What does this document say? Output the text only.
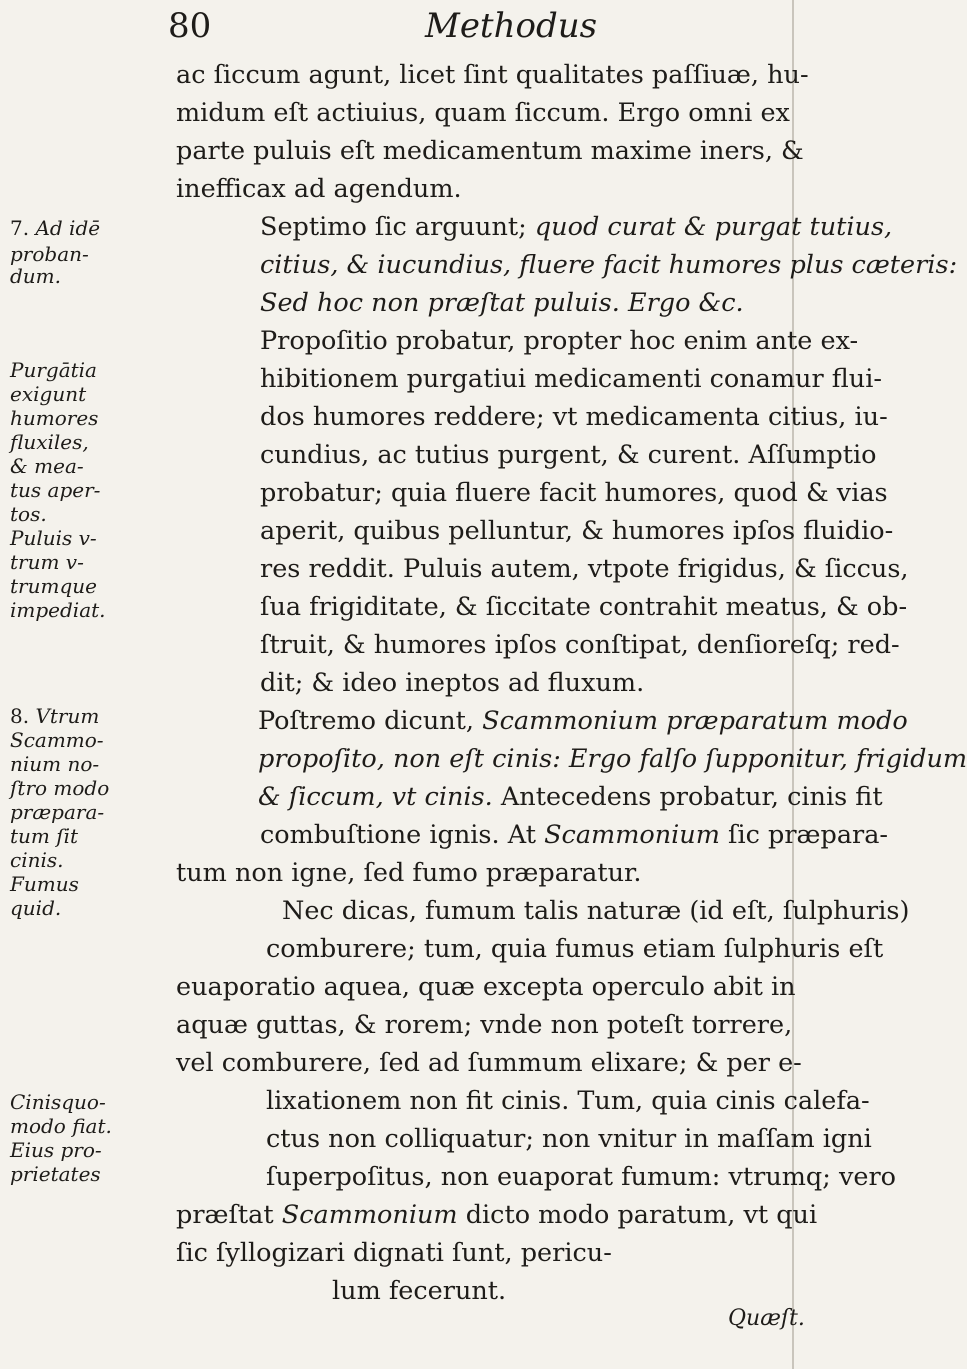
80	Methodus
ac ſiccum agunt, licet ſint qualitates paſſiuæ, hu-
midum eſt actiuius, quam ſiccum. Ergo omni ex
parte puluis eſt medicamentum maxime iners, &
inefficax ad agendum.
Septimo ſic arguunt; quod curat & purgat tutius,
citius, & iucundius, fluere facit humores plus cæteris:
Sed hoc non præſtat puluis. Ergo &c.
Propoſitio probatur, propter hoc enim ante ex-
hibitionem purgatiui medicamenti conamur flui-
dos humores reddere; vt medicamenta citius, iu-
cundius, ac tutius purgent, & curent. Aſſumptio
probatur; quia fluere facit humores, quod & vias
aperit, quibus pelluntur, & humores ipſos fluidio-
res reddit. Puluis autem, vtpote frigidus, & ſiccus,
ſua frigiditate, & ſiccitate contrahit meatus, & ob-
ſtruit, & humores ipſos conſtipat, denſioreſq; red-
dit; & ideo ineptos ad fluxum.
Poſtremo dicunt, Scammonium præparatum modo
propoſito, non eſt cinis: Ergo falſo ſupponitur, frigidum
& ſiccum, vt cinis. Antecedens probatur, cinis fit
combuſtione ignis. At Scammonium ſic præpara-
tum non igne, ſed fumo præparatur.
Nec dicas, fumum talis naturæ (id eſt, ſulphuris)
comburere; tum, quia fumus etiam ſulphuris eſt
euaporatio aquea, quæ excepta operculo abit in
aquæ guttas, & rorem; vnde non poteſt torrere,
vel comburere, ſed ad ſummum elixare; & per e-
lixationem non fit cinis. Tum, quia cinis calefa-
ctus non colliquatur; non vnitur in maſſam igni
ſuperpoſitus, non euaporat fumum: vtrumq; vero
præſtat Scammonium dicto modo paratum, vt qui
ſic ſyllogizari dignati ſunt, pericu-
lum fecerunt.
7. Ad idē
proban-
dum.
Purgātia
exigunt
humores
fluxiles,
& mea-
tus aper-
tos.
Puluis v-
trum v-
trumque
impediat.
8. Vtrum
Scammo-
nium no-
ſtro modo
præpara-
tum ſit
cinis.
Fumus
quid.
Cinisquo-
modo fiat.
Eius pro-
prietates
Quæſt.
